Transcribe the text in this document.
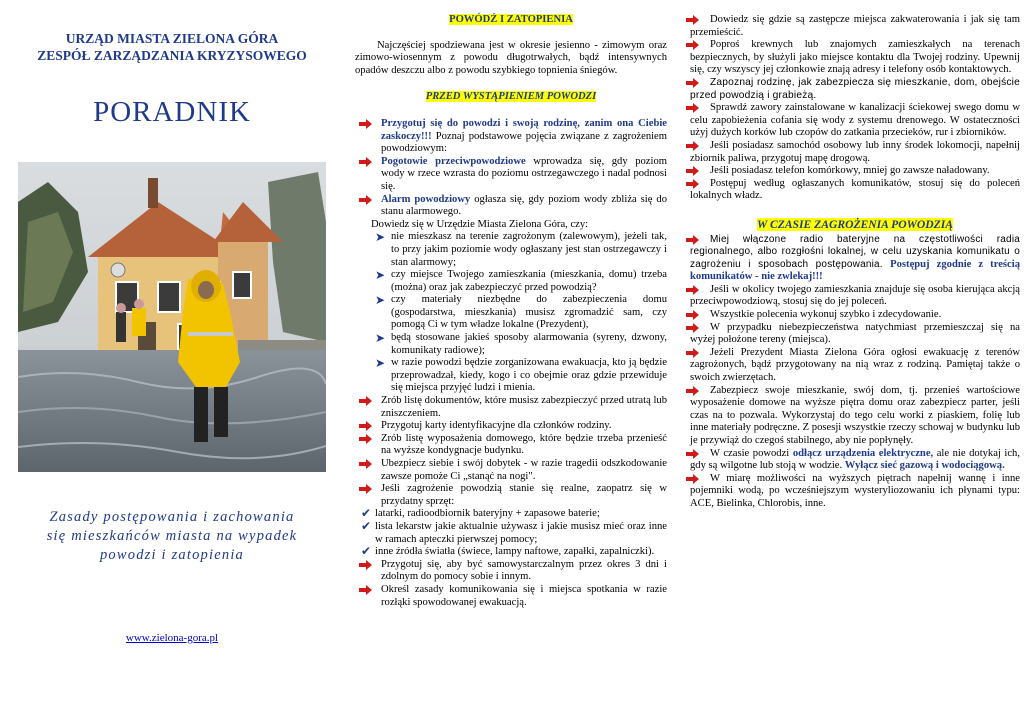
URZĄD MIASTA ZIELONA GÓRA
ZESPÓŁ ZARZĄDZANIA KRYZYSOWEGO
PORADNIK
Zasady postępowania i zachowania
się mieszkańców miasta na wypadek
powodzi i zatopienia
www.zielona-gora.pl
POWÓDŹ I ZATOPIENIA

Najczęściej spodziewana jest w okresie jesienno - zimowym oraz zimowo-wiosennym z powodu długotrwałych, bądź intensywnych opadów deszczu albo z powodu szybkiego topnienia śniegów.

PRZED WYSTĄPIENIEM POWODZI
Przygotuj się do powodzi i swoją rodzinę, zanim ona Ciebie zaskoczy!!! Poznaj podstawowe pojęcia związane z zagrożeniem powodziowym:
Pogotowie przeciwpowodziowe wprowadza się, gdy poziom wody w rzece wzrasta do poziomu ostrzegawczego i nadal podnosi się.
Alarm powodziowy ogłasza się, gdy poziom wody zbliża się do stanu alarmowego.

Dowiedz się w Urzędzie Miasta Zielona Góra, czy:

➤ nie mieszkasz na terenie zagrożonym (zalewowym), jeżeli tak, to przy jakim poziomie wody ogłaszany jest stan ostrzegawczy i stan alarmowy;
➤ czy miejsce Twojego zamieszkania (mieszkania, domu) trzeba (można) oraz jak zabezpieczyć przed powodzią?
➤ czy materiały niezbędne do zabezpieczenia domu (gospodarstwa, mieszkania) musisz zgromadzić sam, czy pomogą Ci w tym władze lokalne (Prezydent),
➤ będą stosowane jakieś sposoby alarmowania (syreny, dzwony, komunikaty radiowe);
➤ w razie powodzi będzie zorganizowana ewakuacja, kto ją będzie przeprowadzał, kiedy, kogo i co obejmie oraz gdzie przewiduje się miejsca przyjęć ludzi i mienia.
Zrób listę dokumentów, które musisz zabezpieczyć przed utratą lub zniszczeniem.
Przygotuj karty identyfikacyjne dla członków rodziny.
Zrób listę wyposażenia domowego, które będzie trzeba przenieść na wyższe kondygnacje budynku.
Ubezpiecz siebie i swój dobytek - w razie tragedii odszkodowanie zawsze pomoże Ci „stanąć na nogi".
Jeśli zagrożenie powodzią stanie się realne, zaopatrz się w przydatny sprzęt:
✔ latarki, radioodbiornik bateryjny + zapasowe baterie;
✔ lista lekarstw jakie aktualnie używasz i jakie musisz mieć oraz inne w ramach apteczki pierwszej pomocy;
✔ inne źródła światła (świece, lampy naftowe, zapałki, zapalniczki).
Przygotuj się, aby być samowystarczalnym przez okres 3 dni i zdolnym do pomocy sobie i innym.
Określ zasady komunikowania się i miejsca spotkania w razie rozłąki spowodowanej ewakuacją.

Dowiedz się gdzie są zastępcze miejsca zakwaterowania i jak się tam przemieścić.

Poproś krewnych lub znajomych zamieszkałych na terenach bezpiecznych, by służyli jako miejsce kontaktu dla Twojej rodziny. Upewnij się, czy wszyscy jej członkowie znają adresy i telefony osób kontaktowych.

Zapoznaj rodzinę, jak zabezpiecza się mieszkanie, dom, obejście przed powodzią i grabieżą.

Sprawdź zawory zainstalowane w kanalizacji ściekowej swego domu w celu zapobieżenia cofania się wody z systemu drenowego. W ostateczności użyj dużych korków lub czopów do zatkania przecieków, rur i zbiorników.

Jeśli posiadasz samochód osobowy lub inny środek lokomocji, napełnij zbiornik paliwa, przygotuj mapę drogową.

Jeśli posiadasz telefon komórkowy, mniej go zawsze naładowany.

Postępuj według ogłaszanych komunikatów, stosuj się do poleceń lokalnych władz.

W CZASIE ZAGROŻENIA POWODZIĄ

Miej włączone radio bateryjne na częstotliwości radia regionalnego, albo rozgłośni lokalnej, w celu uzyskania komunikatu o zagrożeniu i sposobach postępowania. Postępuj zgodnie z treścią komunikatów - nie zwlekaj!!!

Jeśli w okolicy twojego zamieszkania znajduje się osoba kierująca akcją przeciwpowodziową, stosuj się do jej poleceń.

Wszystkie polecenia wykonuj szybko i zdecydowanie.

W przypadku niebezpieczeństwa natychmiast przemieszczaj się na wyżej położone tereny (miejsca).

Jeżeli Prezydent Miasta Zielona Góra ogłosi ewakuację z terenów zagrożonych, bądź przygotowany na nią wraz z rodziną. Pamiętaj także o swoich zwierzętach.

Zabezpiecz swoje mieszkanie, swój dom, tj. przenieś wartościowe wyposażenie domowe na wyższe piętra domu oraz zabezpiecz parter, jeśli czas na to pozwala. Wykorzystaj do tego celu worki z piaskiem, folię lub inne materiały podręczne. Z posesji wszystkie rzeczy schowaj w budynku lub je przywiąż do czegoś stabilnego, aby nie popłynęły.

W czasie powodzi odłącz urządzenia elektryczne, ale nie dotykaj ich, gdy są wilgotne lub stoją w wodzie. Wyłącz sieć gazową i wodociągową.

W miarę możliwości na wyższych piętrach napełnij wannę i inne pojemniki wodą, po wcześniejszym wysteryliozowaniu ich płynami typu: ACE, Bielinka, Chlorobis, inne.
